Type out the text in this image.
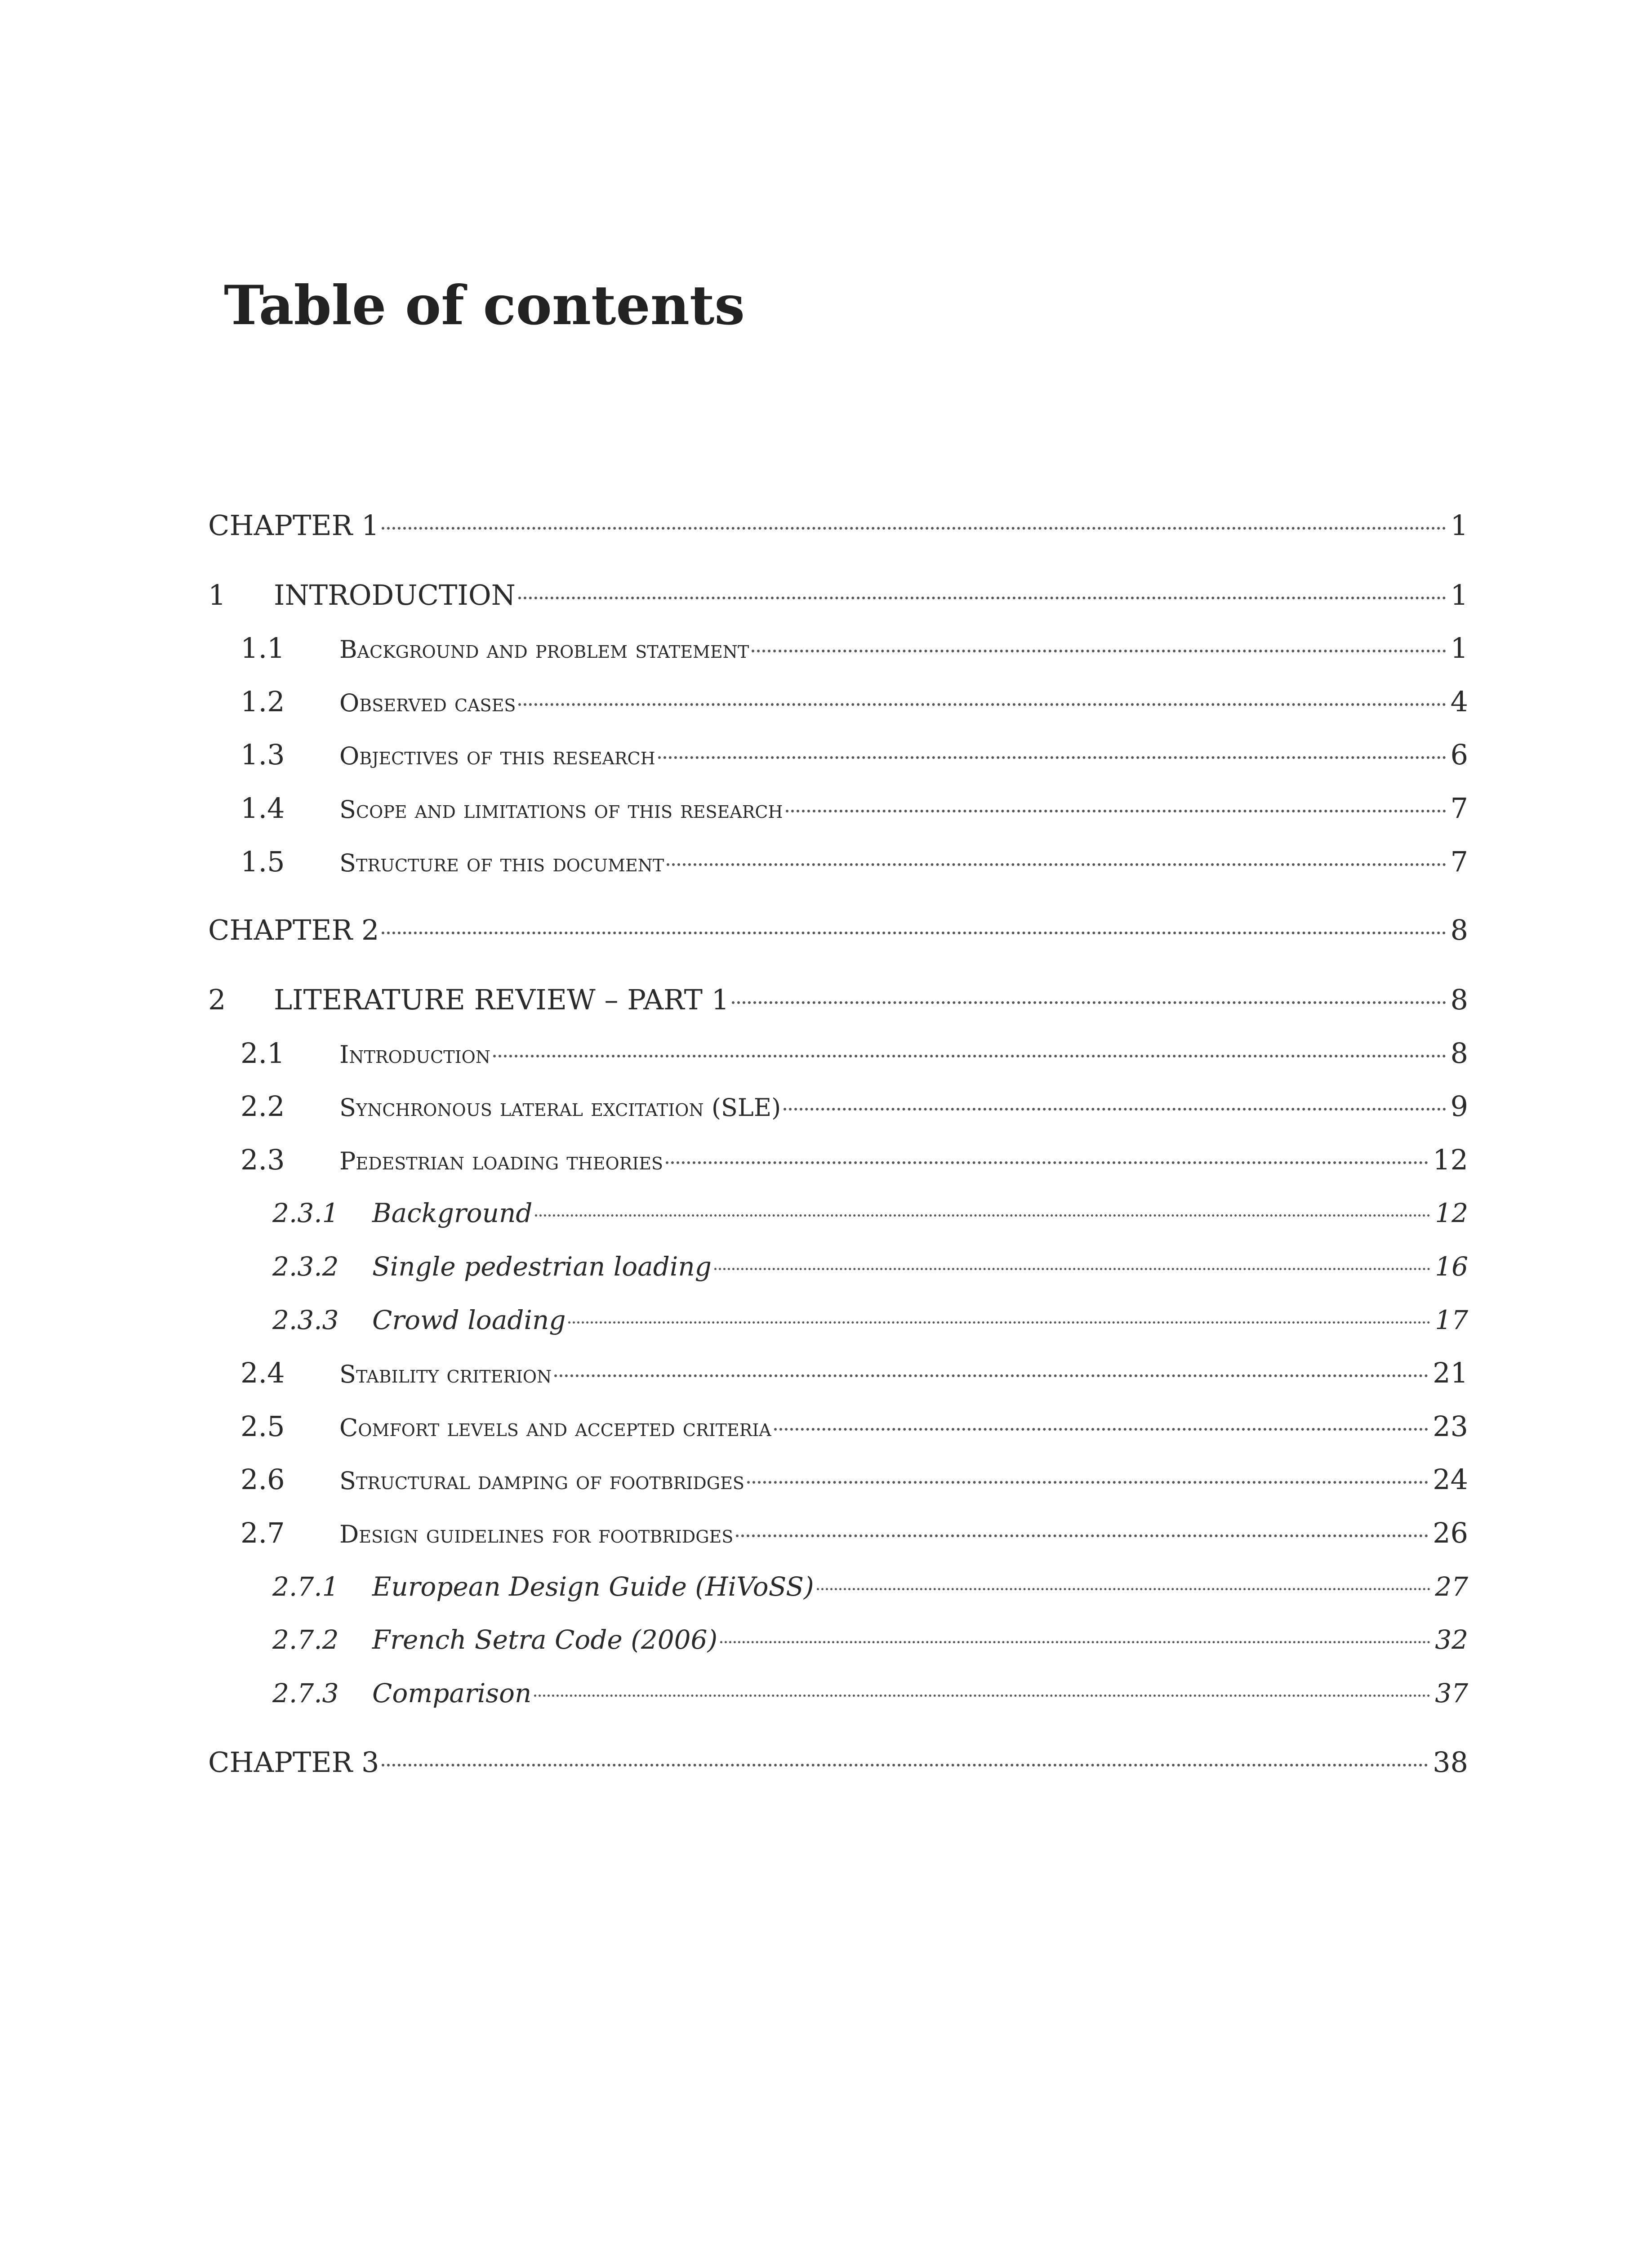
Table of contents
CHAPTER 1	1
1	INTRODUCTION	1
1.1	Background and problem statement	1
1.2	Observed cases	4
1.3	Objectives of this research	6
1.4	Scope and limitations of this research	7
1.5	Structure of this document	7
CHAPTER 2	8
2	LITERATURE REVIEW – PART 1	8
2.1	Introduction	8
2.2	Synchronous lateral excitation (SLE)	9
2.3	Pedestrian loading theories	12
2.3.1	Background	12
2.3.2	Single pedestrian loading	16
2.3.3	Crowd loading	17
2.4	Stability criterion	21
2.5	Comfort levels and accepted criteria	23
2.6	Structural damping of footbridges	24
2.7	Design guidelines for footbridges	26
2.7.1	European Design Guide (HiVoSS)	27
2.7.2	French Setra Code (2006)	32
2.7.3	Comparison	37
CHAPTER 3	38
